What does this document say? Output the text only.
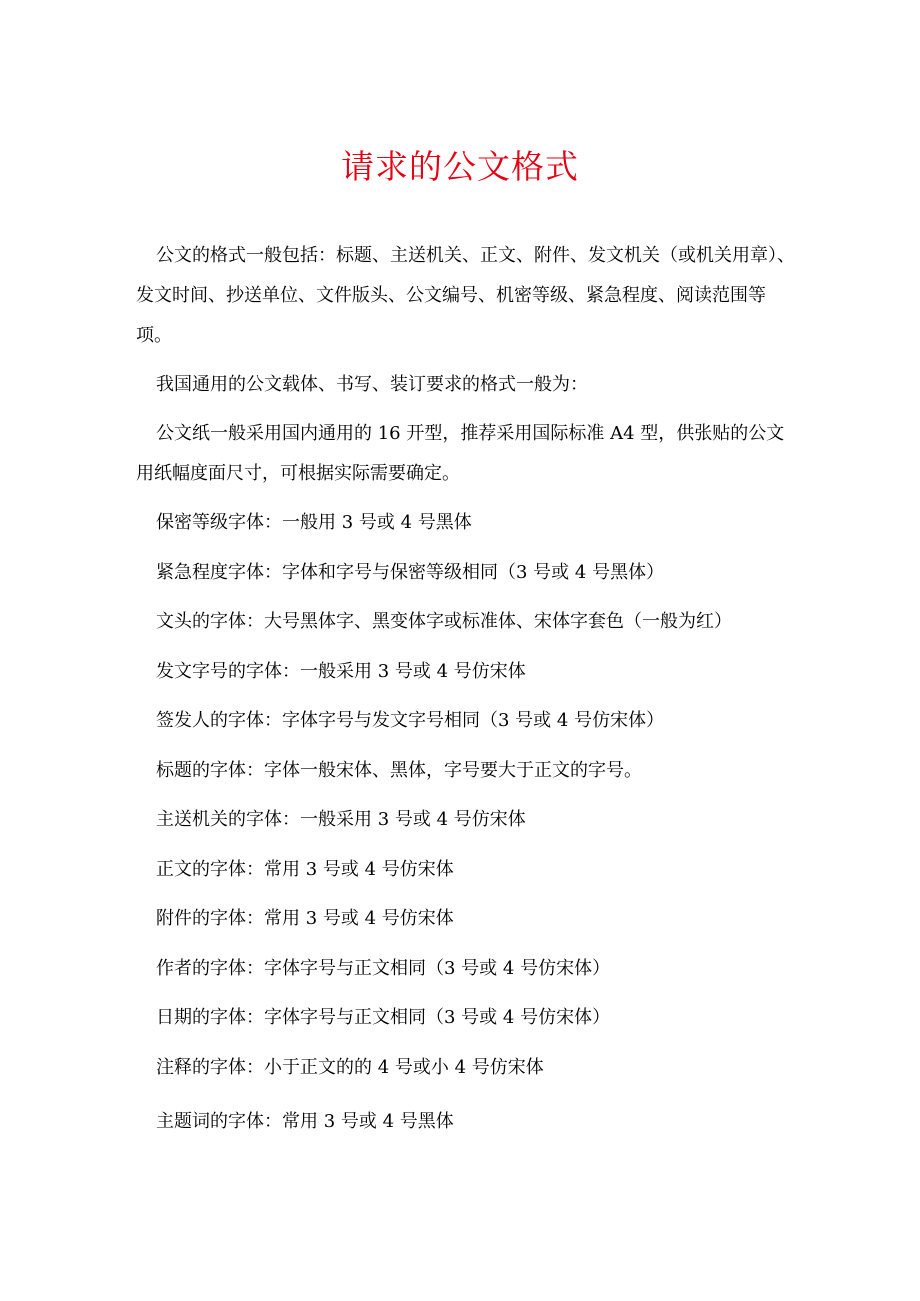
请求的公文格式

公文的格式一般包括：标题、主送机关、正文、附件、发文机关（或机关用章）、发文时间、抄送单位、文件版头、公文编号、机密等级、紧急程度、阅读范围等项。

我国通用的公文载体、书写、装订要求的格式一般为：

公文纸一般采用国内通用的 16 开型，推荐采用国际标准 A4 型，供张贴的公文用纸幅度面尺寸，可根据实际需要确定。

保密等级字体：一般用 3 号或 4 号黑体

紧急程度字体：字体和字号与保密等级相同（3 号或 4 号黑体）

文头的字体：大号黑体字、黑变体字或标准体、宋体字套色（一般为红）

发文字号的字体：一般采用 3 号或 4 号仿宋体

签发人的字体：字体字号与发文字号相同（3 号或 4 号仿宋体）

标题的字体：字体一般宋体、黑体，字号要大于正文的字号。

主送机关的字体：一般采用 3 号或 4 号仿宋体

正文的字体：常用 3 号或 4 号仿宋体

附件的字体：常用 3 号或 4 号仿宋体

作者的字体：字体字号与正文相同（3 号或 4 号仿宋体）

日期的字体：字体字号与正文相同（3 号或 4 号仿宋体）

注释的字体：小于正文的的 4 号或小 4 号仿宋体

主题词的字体：常用 3 号或 4 号黑体
